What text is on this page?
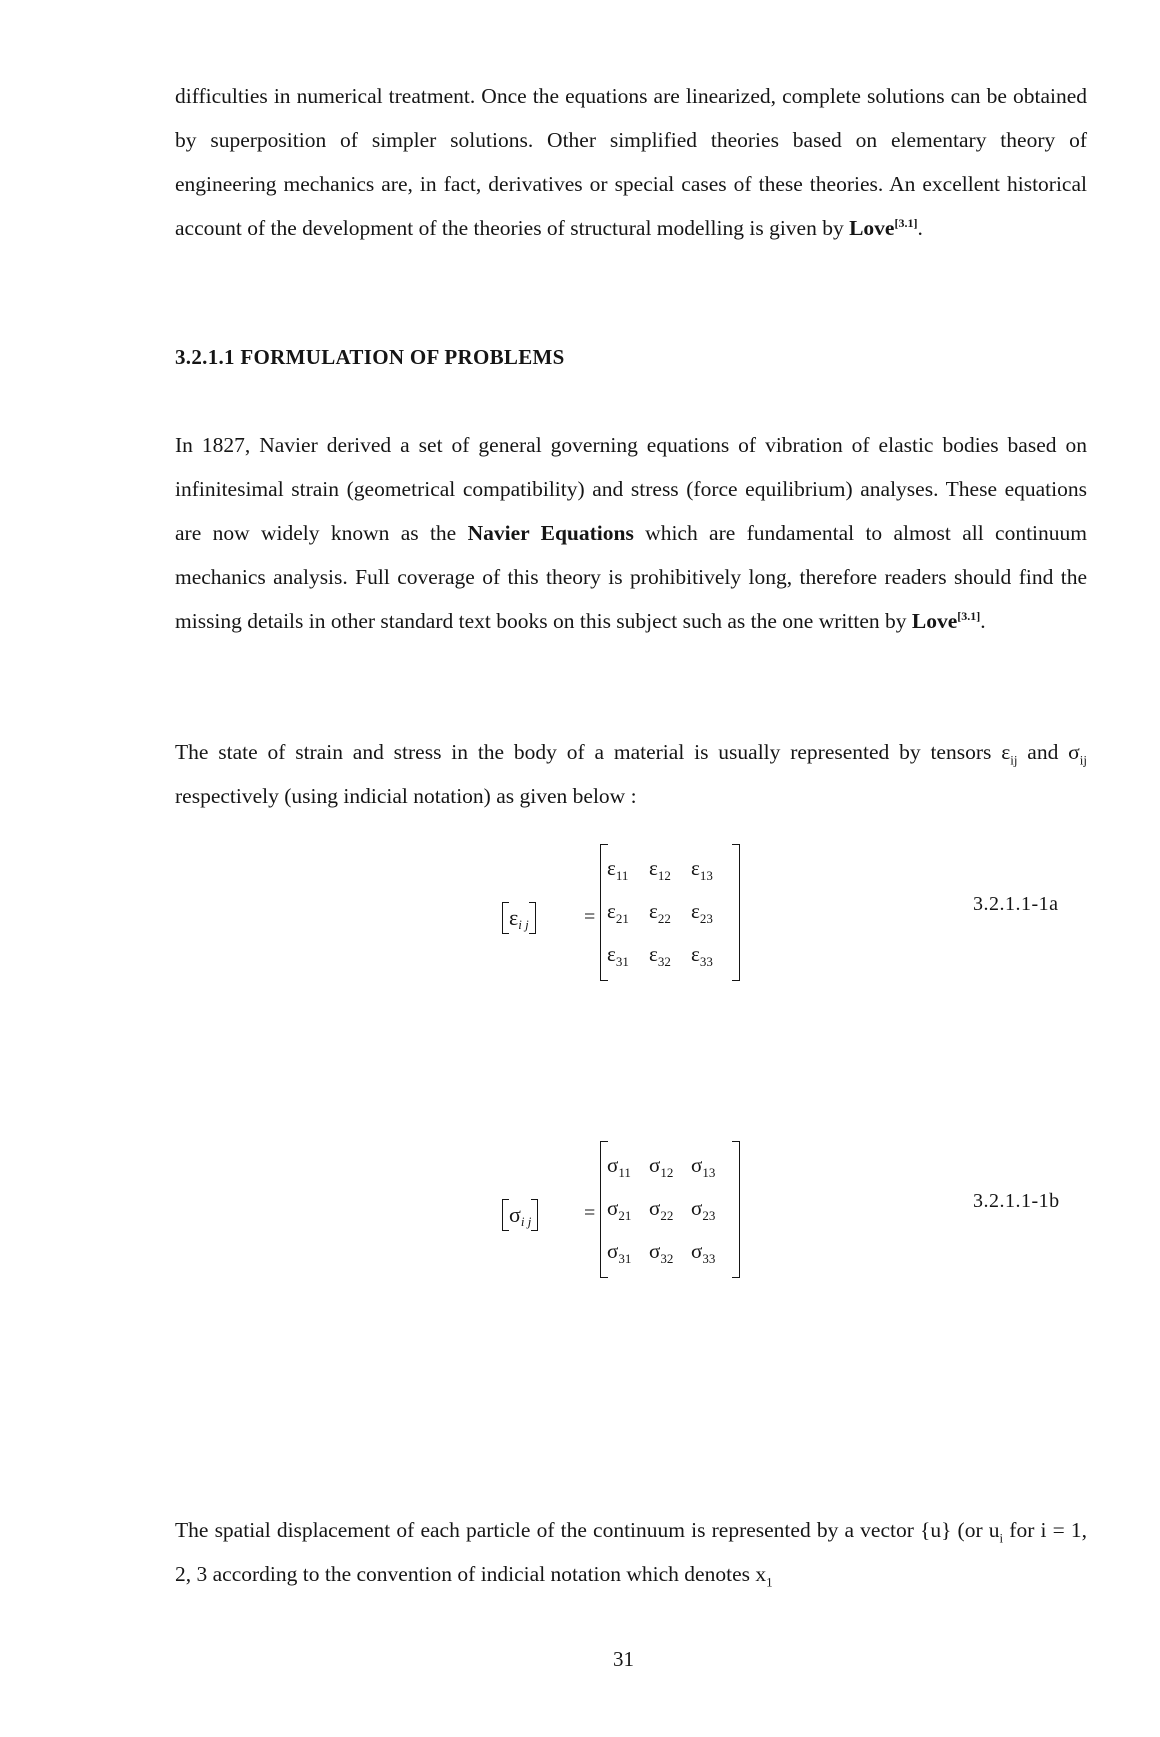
difficulties in numerical treatment. Once the equations are linearized, complete solutions can be obtained by superposition of simpler solutions. Other simplified theories based on elementary theory of engineering mechanics are, in fact, derivatives or special cases of these theories. An excellent historical account of the development of the theories of structural modelling is given by Love[3.1].

3.2.1.1 FORMULATION OF PROBLEMS

In 1827, Navier derived a set of general governing equations of vibration of elastic bodies based on infinitesimal strain (geometrical compatibility) and stress (force equilibrium) analyses. These equations are now widely known as the Navier Equations which are fundamental to almost all continuum mechanics analysis. Full coverage of this theory is prohibitively long, therefore readers should find the missing details in other standard text books on this subject such as the one written by Love[3.1].

The state of strain and stress in the body of a material is usually represented by tensors $\varepsilon_{ij}$ and $\sigma_{ij}$ respectively (using indicial notation) as given below :

ε i j	=
$\varepsilon_{11}$ $\varepsilon_{12}$ $\varepsilon_{13}$
$\varepsilon_{21}$ $\varepsilon_{22}$ $\varepsilon_{23}$
$\varepsilon_{31}$ $\varepsilon_{32}$ $\varepsilon_{33}$
3.2.1.1-1a
σ i j	=
$\sigma_{11}$ $\sigma_{12}$ $\sigma_{13}$
$\sigma_{21}$ $\sigma_{22}$ $\sigma_{23}$
$\sigma_{31}$ $\sigma_{32}$ $\sigma_{33}$
3.2.1.1-1b

The spatial displacement of each particle of the continuum is represented by a vector {u} (or $u_i$ for i = 1, 2, 3 according to the convention of indicial notation which denotes $x_1$

31
